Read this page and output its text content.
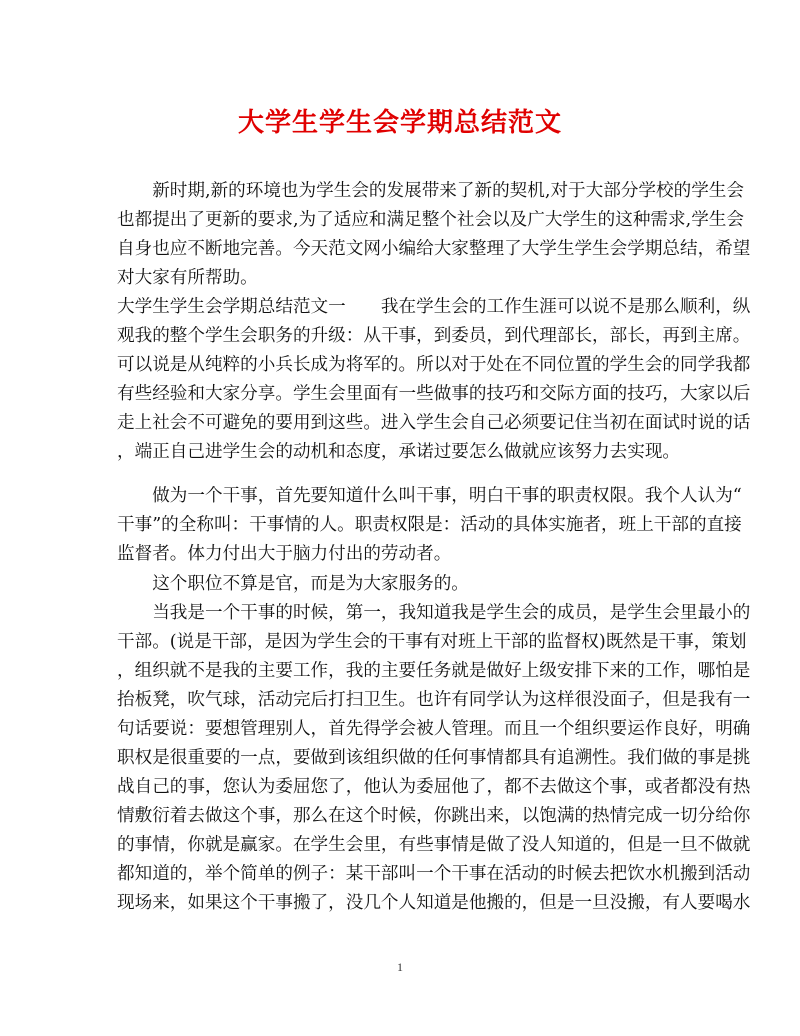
大学生学生会学期总结范文
　　新时期,新的环境也为学生会的发展带来了新的契机,对于大部分学校的学生会
也都提出了更新的要求,为了适应和满足整个社会以及广大学生的这种需求,学生会
自身也应不断地完善。今天范文网小编给大家整理了大学生学生会学期总结，希望
对大家有所帮助。
大学生学生会学期总结范文一　　我在学生会的工作生涯可以说不是那么顺利，纵
观我的整个学生会职务的升级：从干事，到委员，到代理部长，部长，再到主席。
可以说是从纯粹的小兵长成为将军的。所以对于处在不同位置的学生会的同学我都
有些经验和大家分享。学生会里面有一些做事的技巧和交际方面的技巧，大家以后
走上社会不可避免的要用到这些。进入学生会自己必须要记住当初在面试时说的话
，端正自己进学生会的动机和态度，承诺过要怎么做就应该努力去实现。
　　做为一个干事，首先要知道什么叫干事，明白干事的职责权限。我个人认为“
干事”的全称叫：干事情的人。职责权限是：活动的具体实施者，班上干部的直接
监督者。体力付出大于脑力付出的劳动者。
　　这个职位不算是官，而是为大家服务的。
　　当我是一个干事的时候，第一，我知道我是学生会的成员，是学生会里最小的
干部。(说是干部，是因为学生会的干事有对班上干部的监督权)既然是干事，策划
，组织就不是我的主要工作，我的主要任务就是做好上级安排下来的工作，哪怕是
抬板凳，吹气球，活动完后打扫卫生。也许有同学认为这样很没面子，但是我有一
句话要说：要想管理别人，首先得学会被人管理。而且一个组织要运作良好，明确
职权是很重要的一点，要做到该组织做的任何事情都具有追溯性。我们做的事是挑
战自己的事，您认为委屈您了，他认为委屈他了，都不去做这个事，或者都没有热
情敷衍着去做这个事，那么在这个时候，你跳出来，以饱满的热情完成一切分给你
的事情，你就是赢家。在学生会里，有些事情是做了没人知道的，但是一旦不做就
都知道的，举个简单的例子：某干部叫一个干事在活动的时候去把饮水机搬到活动
现场来，如果这个干事搬了，没几个人知道是他搬的，但是一旦没搬，有人要喝水
1
